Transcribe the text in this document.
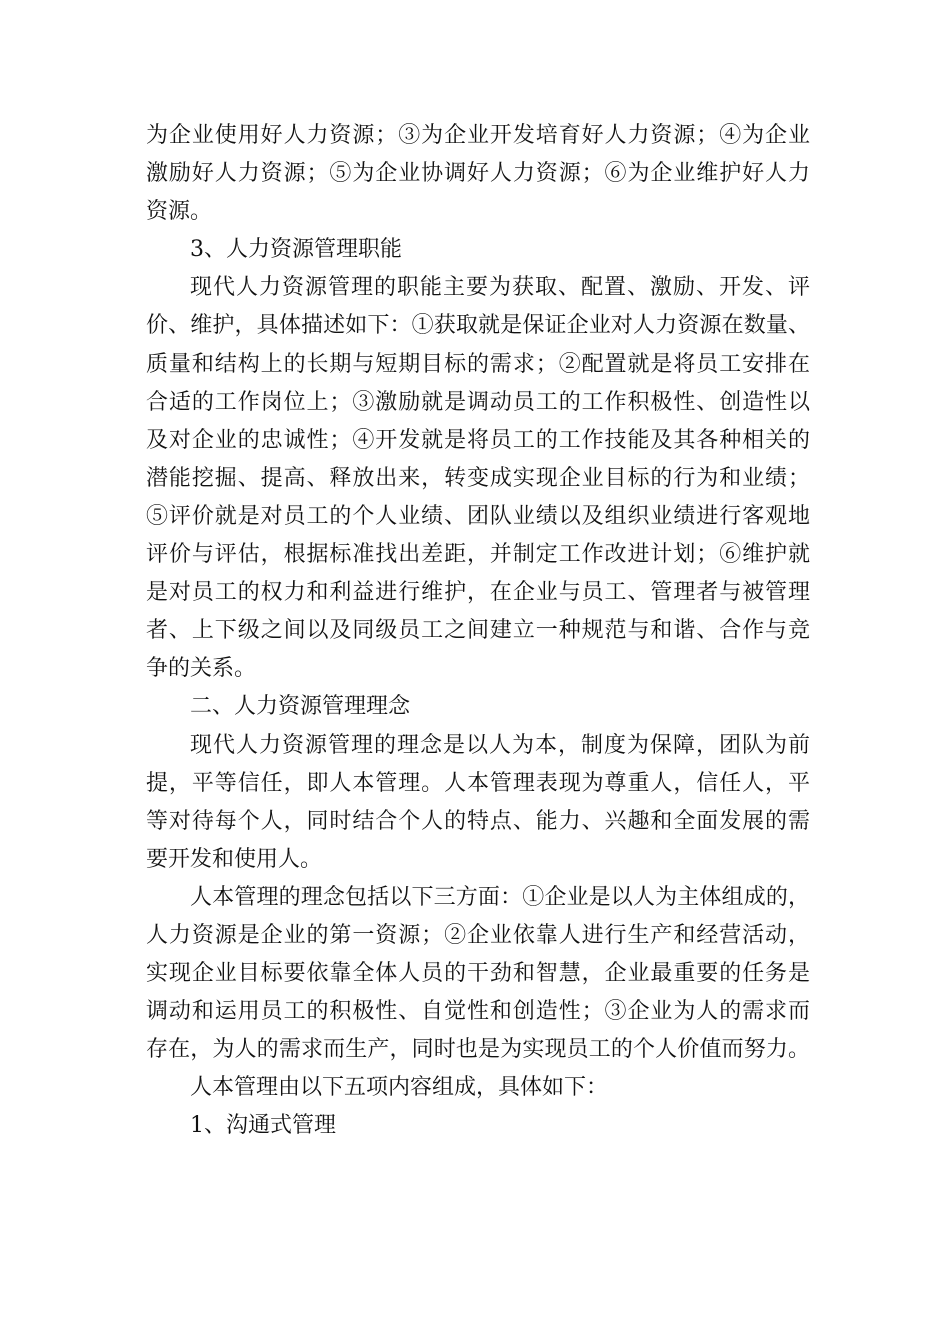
为企业使用好人力资源；③为企业开发培育好人力资源；④为企业
激励好人力资源；⑤为企业协调好人力资源；⑥为企业维护好人力
资源。
3、人力资源管理职能
现代人力资源管理的职能主要为获取、配置、激励、开发、评
价、维护，具体描述如下：①获取就是保证企业对人力资源在数量、
质量和结构上的长期与短期目标的需求；②配置就是将员工安排在
合适的工作岗位上；③激励就是调动员工的工作积极性、创造性以
及对企业的忠诚性；④开发就是将员工的工作技能及其各种相关的
潜能挖掘、提高、释放出来，转变成实现企业目标的行为和业绩；
⑤评价就是对员工的个人业绩、团队业绩以及组织业绩进行客观地
评价与评估，根据标准找出差距，并制定工作改进计划；⑥维护就
是对员工的权力和利益进行维护，在企业与员工、管理者与被管理
者、上下级之间以及同级员工之间建立一种规范与和谐、合作与竞
争的关系。
二、人力资源管理理念
现代人力资源管理的理念是以人为本，制度为保障，团队为前
提，平等信任，即人本管理。人本管理表现为尊重人，信任人，平
等对待每个人，同时结合个人的特点、能力、兴趣和全面发展的需
要开发和使用人。
人本管理的理念包括以下三方面：①企业是以人为主体组成的，
人力资源是企业的第一资源；②企业依靠人进行生产和经营活动，
实现企业目标要依靠全体人员的干劲和智慧，企业最重要的任务是
调动和运用员工的积极性、自觉性和创造性；③企业为人的需求而
存在，为人的需求而生产，同时也是为实现员工的个人价值而努力。
人本管理由以下五项内容组成，具体如下：
1、沟通式管理
